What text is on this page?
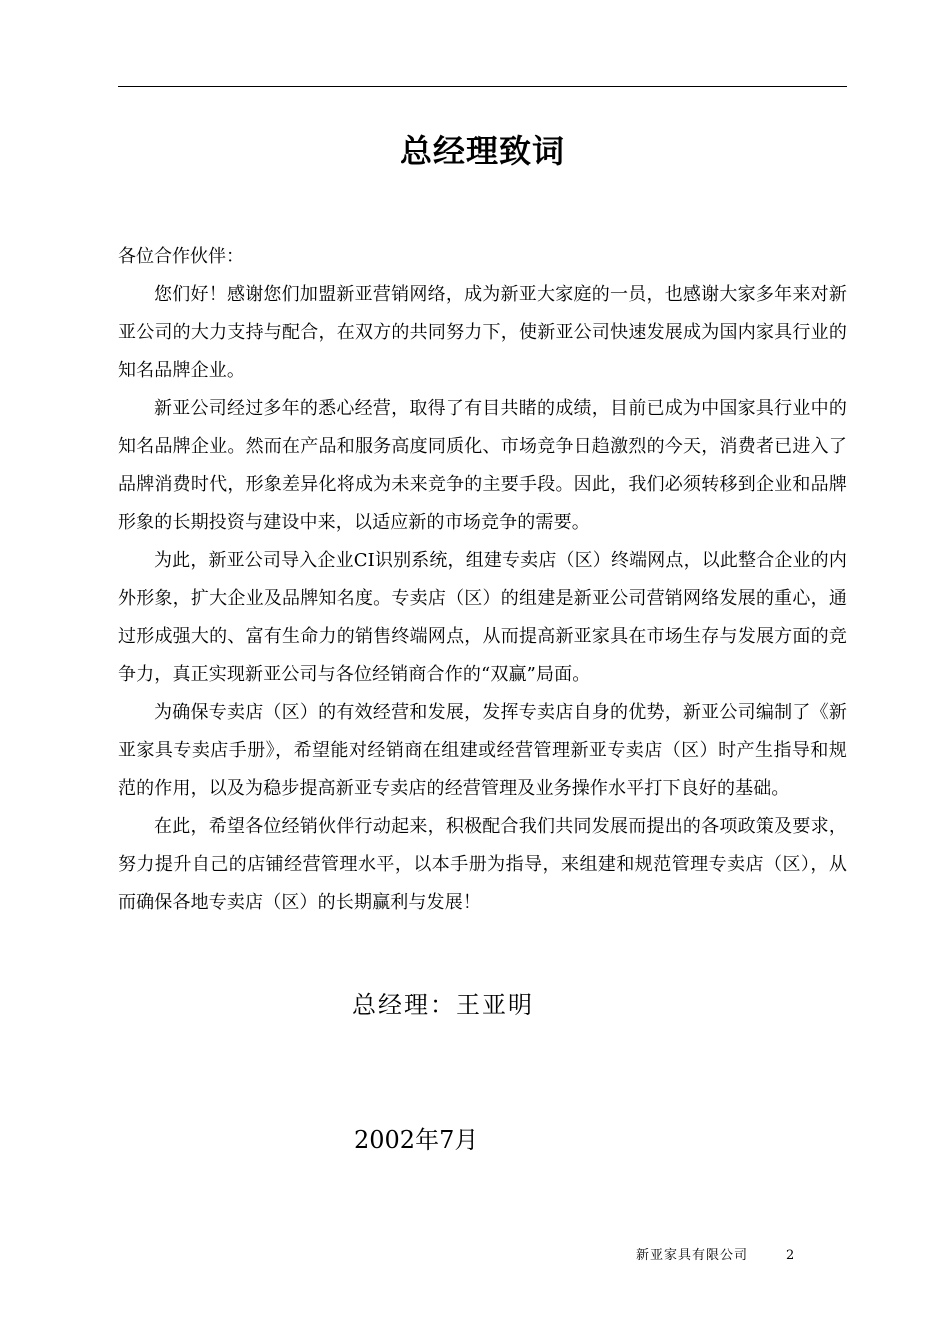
总经理致词

各位合作伙伴：

您们好！感谢您们加盟新亚营销网络，成为新亚大家庭的一员，也感谢大家多年来对新亚公司的大力支持与配合，在双方的共同努力下，使新亚公司快速发展成为国内家具行业的知名品牌企业。

新亚公司经过多年的悉心经营，取得了有目共睹的成绩，目前已成为中国家具行业中的知名品牌企业。然而在产品和服务高度同质化、市场竞争日趋激烈的今天，消费者已进入了品牌消费时代，形象差异化将成为未来竞争的主要手段。因此，我们必须转移到企业和品牌形象的长期投资与建设中来，以适应新的市场竞争的需要。

为此，新亚公司导入企业CI识别系统，组建专卖店（区）终端网点，以此整合企业的内外形象，扩大企业及品牌知名度。专卖店（区）的组建是新亚公司营销网络发展的重心，通过形成强大的、富有生命力的销售终端网点，从而提高新亚家具在市场生存与发展方面的竞争力，真正实现新亚公司与各位经销商合作的“双赢”局面。

为确保专卖店（区）的有效经营和发展，发挥专卖店自身的优势，新亚公司编制了《新亚家具专卖店手册》，希望能对经销商在组建或经营管理新亚专卖店（区）时产生指导和规范的作用，以及为稳步提高新亚专卖店的经营管理及业务操作水平打下良好的基础。

在此，希望各位经销伙伴行动起来，积极配合我们共同发展而提出的各项政策及要求，努力提升自己的店铺经营管理水平，以本手册为指导，来组建和规范管理专卖店（区），从而确保各地专卖店（区）的长期赢利与发展！

总经理：王亚明
2002年7月
新亚家具有限公司	2
